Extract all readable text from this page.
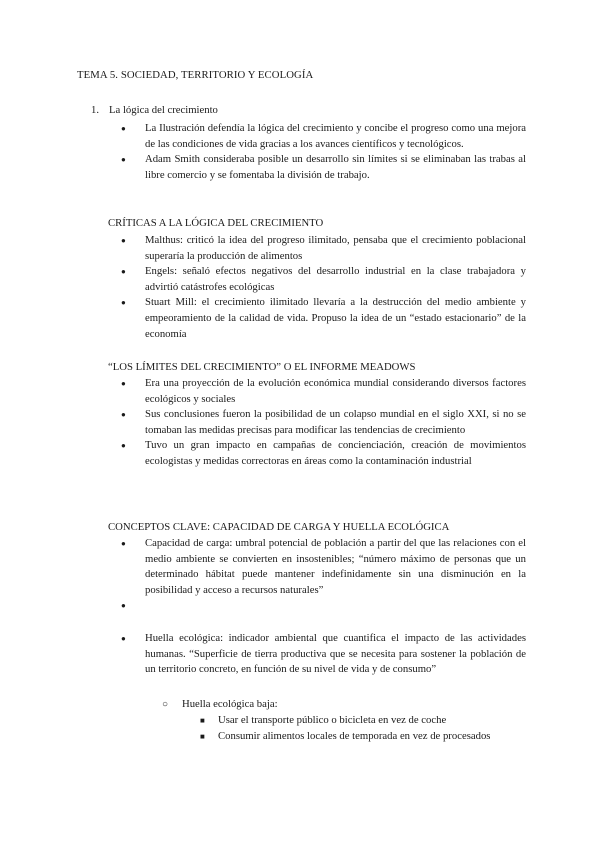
TEMA 5. SOCIEDAD, TERRITORIO Y ECOLOGÍA
1. La lógica del crecimiento
● La Ilustración defendía la lógica del crecimiento y concibe el progreso como una mejora de las condiciones de vida gracias a los avances científicos y tecnológicos.
● Adam Smith consideraba posible un desarrollo sin límites si se eliminaban las trabas al libre comercio y se fomentaba la división de trabajo.
CRÍTICAS A LA LÓGICA DEL CRECIMIENTO
● Malthus: criticó la idea del progreso ilimitado, pensaba que el crecimiento poblacional superaría la producción de alimentos
● Engels: señaló efectos negativos del desarrollo industrial en la clase trabajadora y advirtió catástrofes ecológicas
● Stuart Mill: el crecimiento ilimitado llevaría a la destrucción del medio ambiente y empeoramiento de la calidad de vida. Propuso la idea de un “estado estacionario” de la economía
“LOS LÍMITES DEL CRECIMIENTO” O EL INFORME MEADOWS
● Era una proyección de la evolución económica mundial considerando diversos factores ecológicos y sociales
● Sus conclusiones fueron la posibilidad de un colapso mundial en el siglo XXI, si no se tomaban las medidas precisas para modificar las tendencias de crecimiento
● Tuvo un gran impacto en campañas de concienciación, creación de movimientos ecologistas y medidas correctoras en áreas como la contaminación industrial
CONCEPTOS CLAVE: CAPACIDAD DE CARGA Y HUELLA ECOLÓGICA
● Capacidad de carga: umbral potencial de población a partir del que las relaciones con el medio ambiente se convierten en insostenibles; “número máximo de personas que un determinado hábitat puede mantener indefinidamente sin una disminución en la posibilidad y acceso a recursos naturales”
●
● Huella ecológica: indicador ambiental que cuantifica el impacto de las actividades humanas. “Superficie de tierra productiva que se necesita para sostener la población de un territorio concreto, en función de su nivel de vida y de consumo”
○ Huella ecológica baja:
■ Usar el transporte público o bicicleta en vez de coche
■ Consumir alimentos locales de temporada en vez de procesados
